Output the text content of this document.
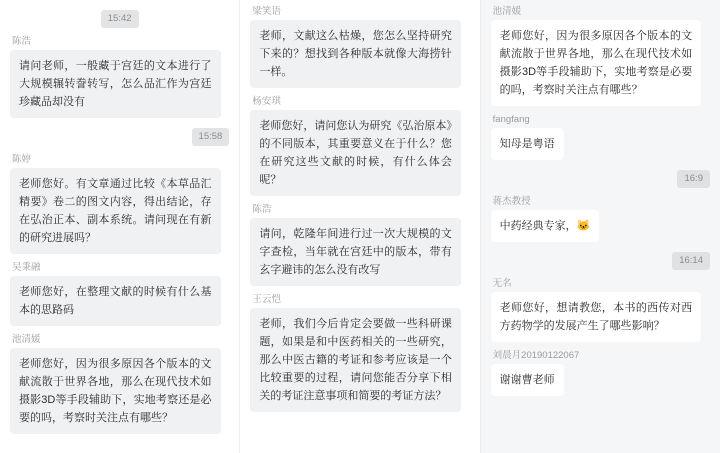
15:42
陈浩
请问老师，一般藏于宫廷的文本进行了大规模辗转誊转写，怎么品汇作为宫廷珍藏品却没有
15:58
陈婷
老师您好。有文章通过比较《本草品汇精要》卷二的图文内容，得出结论，存在弘治正本、副本系统。请问现在有新的研究进展吗？
吴秉融
老师您好，在整理文献的时候有什么基本的思路码
池清媛
老师您好，因为很多原因各个版本的文献流散于世界各地，那么在现代技术如摄影3D等手段辅助下，实地考察还是必要的吗，考察时关注点有哪些？
梁笑语
老师，文献这么枯燥，您怎么坚持研究下来的？想找到各种版本就像大海捞针一样。
杨安琪
老师您好，请问您认为研究《弘治原本》的不同版本，其重要意义在于什么？您在研究这些文献的时候，有什么体会呢？
陈浩
请问，乾隆年间进行过一次大规模的文字查检，当年就在宫廷中的版本，带有玄字避讳的怎么没有改写
王云恺
老师，我们今后肯定会要做一些科研课题，如果是和中医药相关的一些研究，那么中医古籍的考证和参考应该是一个比较重要的过程，请问您能否分享下相关的考证注意事项和简要的考证方法？
池清媛
老师您好，因为很多原因各个版本的文献流散于世界各地，那么在现代技术如摄影3D等手段辅助下，实地考察是必要的吗，考察时关注点有哪些？
fangfang
知母是粤语
16:9
蒋杰教授
中药经典专家，🐱
16:14
无名
老师您好，想请教您，本书的西传对西方药物学的发展产生了哪些影响？
刘晨月20190122067
谢谢曹老师
